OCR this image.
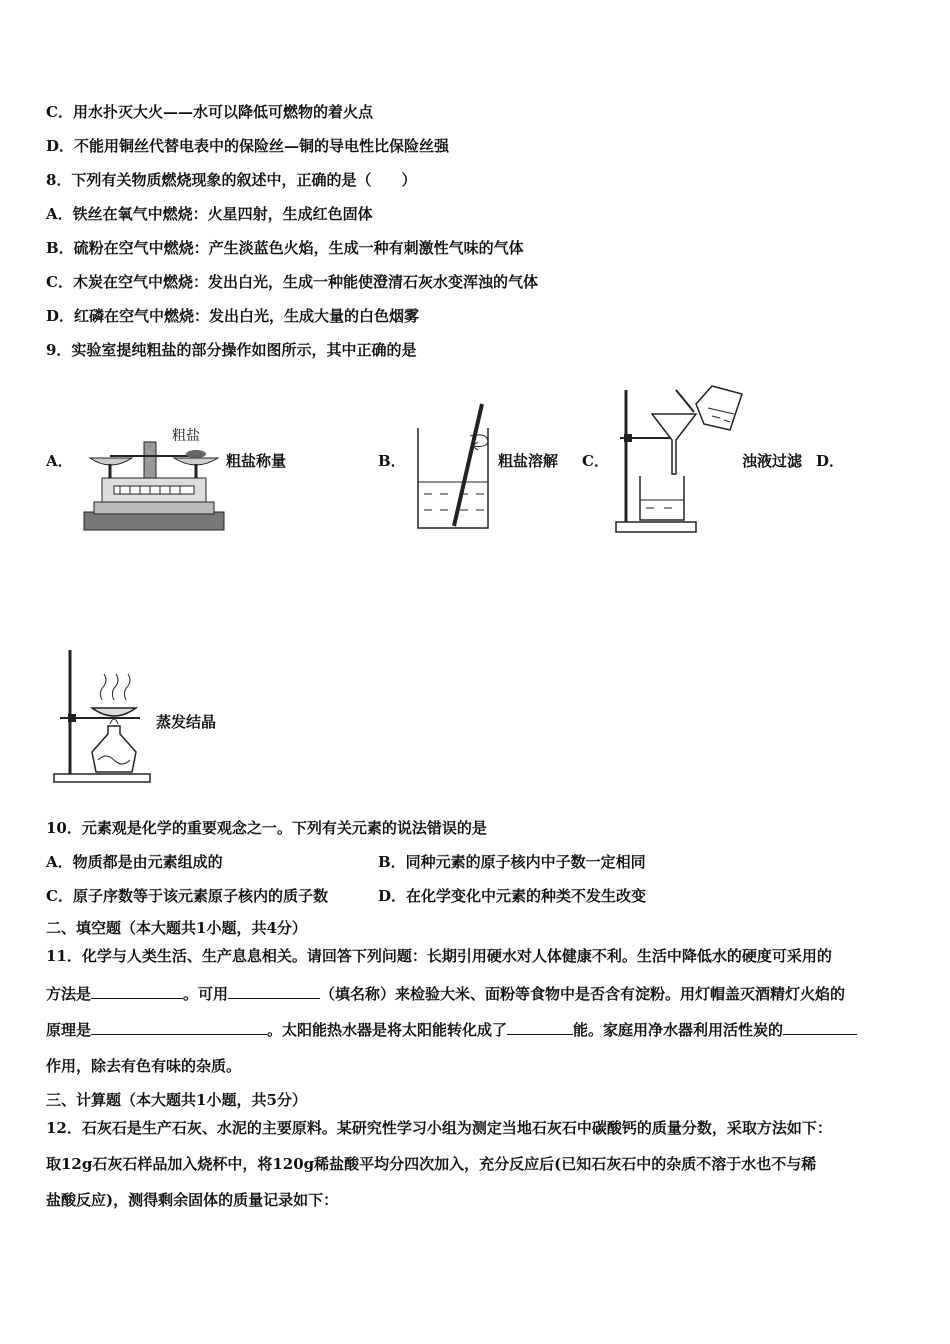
C．用水扑灭大火——水可以降低可燃物的着火点
D．不能用铜丝代替电表中的保险丝—铜的导电性比保险丝强
8．下列有关物质燃烧现象的叙述中，正确的是（　　）
A．铁丝在氧气中燃烧：火星四射，生成红色固体
B．硫粉在空气中燃烧：产生淡蓝色火焰，生成一种有刺激性气味的气体
C．木炭在空气中燃烧：发出白光，生成一种能使澄清石灰水变浑浊的气体
D．红磷在空气中燃烧：发出白光，生成大量的白色烟雾
9．实验室提纯粗盐的部分操作如图所示，其中正确的是
A．
粗盐
粗盐称量	B．	粗盐溶解 C．	浊液过滤 D．
蒸发结晶
10．元素观是化学的重要观念之一。下列有关元素的说法错误的是
A．物质都是由元素组成的	B．同种元素的原子核内中子数一定相同
C．原子序数等于该元素原子核内的质子数	D．在化学变化中元素的种类不发生改变
二、填空题（本大题共1小题，共4分）
11．化学与人类生活、生产息息相关。请回答下列问题：长期引用硬水对人体健康不利。生活中降低水的硬度可采用的
方法是	。可用	（填名称）来检验大米、面粉等食物中是否含有淀粉。用灯帽盖灭酒精灯火焰的
原理是	。太阳能热水器是将太阳能转化成了	能。家庭用净水器利用活性炭的
作用，除去有色有味的杂质。
三、计算题（本大题共1小题，共5分）
12．石灰石是生产石灰、水泥的主要原料。某研究性学习小组为测定当地石灰石中碳酸钙的质量分数，采取方法如下：
取12g石灰石样品加入烧杯中，将120g稀盐酸平均分四次加入，充分反应后(已知石灰石中的杂质不溶于水也不与稀
盐酸反应)，测得剩余固体的质量记录如下：
